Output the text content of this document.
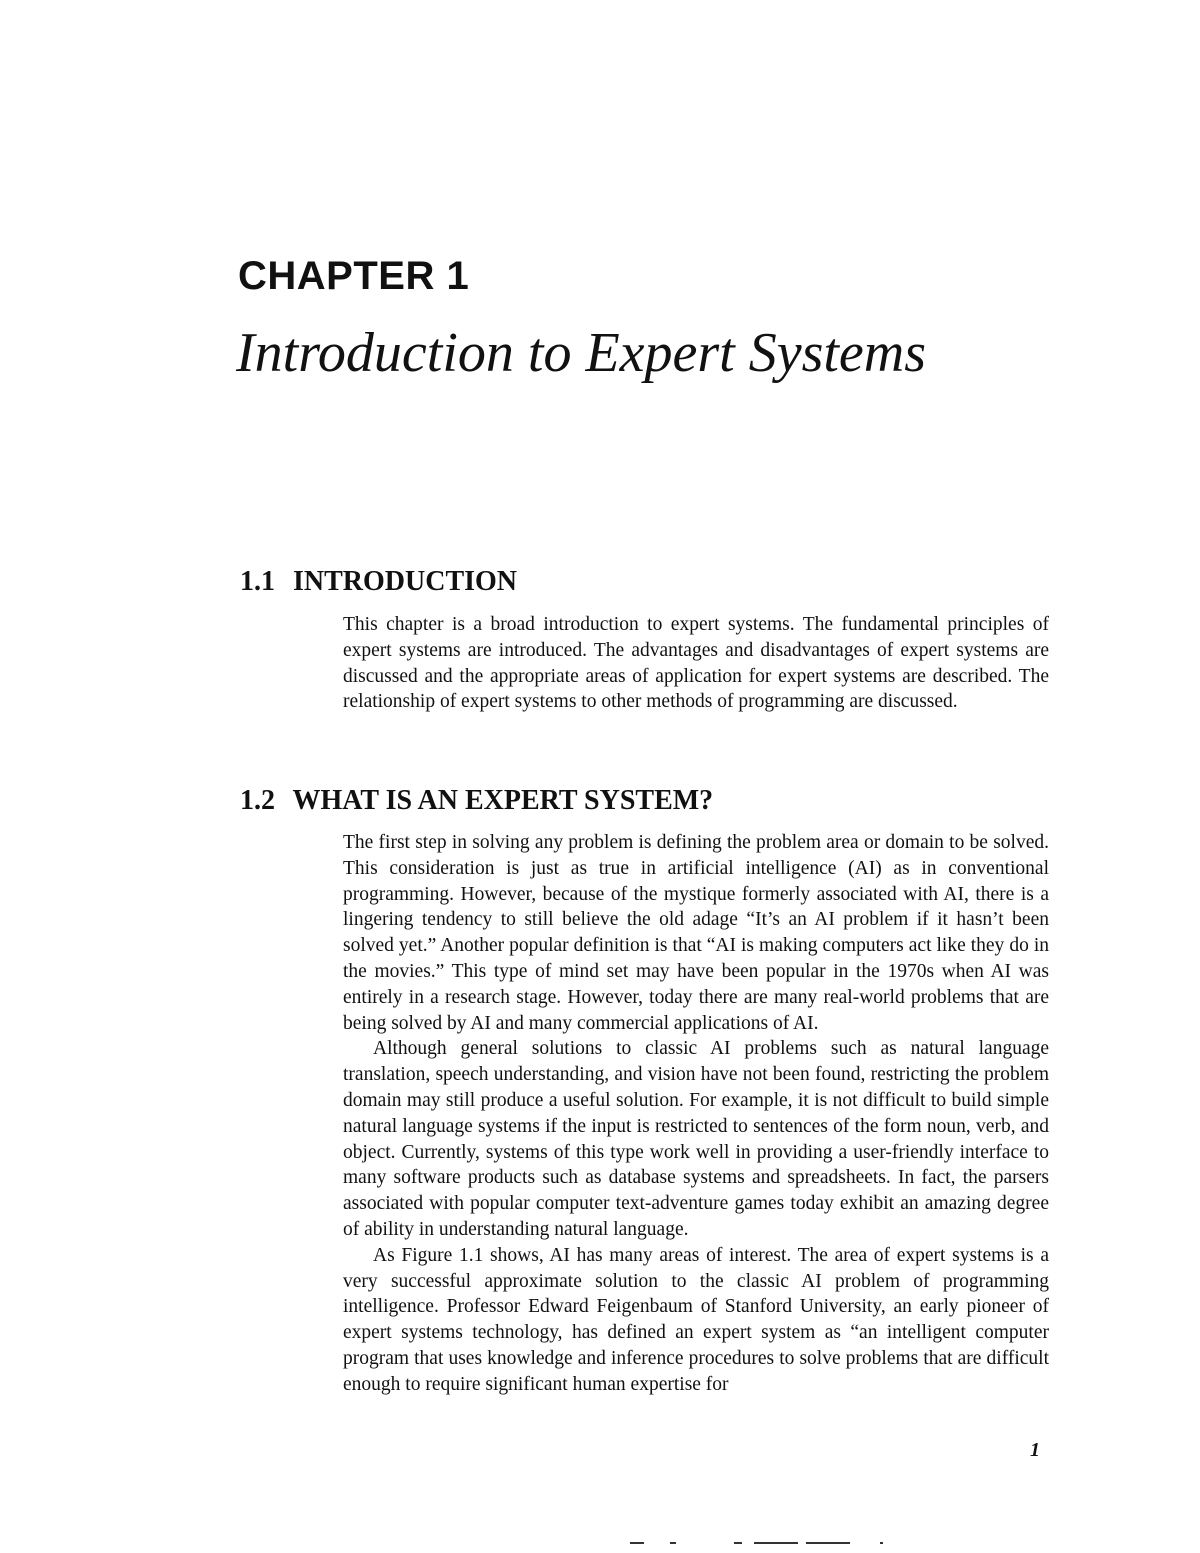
CHAPTER 1
Introduction to Expert Systems
1.1 INTRODUCTION

This chapter is a broad introduction to expert systems. The fundamental principles of expert systems are introduced. The advantages and disadvantages of expert systems are discussed and the appropriate areas of application for expert systems are described. The relationship of expert systems to other methods of programming are discussed.

1.2 WHAT IS AN EXPERT SYSTEM?

The first step in solving any problem is defining the problem area or domain to be solved. This consideration is just as true in artificial intelligence (AI) as in conventional programming. However, because of the mystique formerly associated with AI, there is a lingering tendency to still believe the old adage “It’s an AI problem if it hasn’t been solved yet.” Another popular definition is that “AI is making computers act like they do in the movies.” This type of mind set may have been popular in the 1970s when AI was entirely in a research stage. However, today there are many real-world problems that are being solved by AI and many commercial applications of AI.

Although general solutions to classic AI problems such as natural language translation, speech understanding, and vision have not been found, restricting the problem domain may still produce a useful solution. For example, it is not difficult to build simple natural language systems if the input is restricted to sentences of the form noun, verb, and object. Currently, systems of this type work well in providing a user-friendly interface to many software products such as database systems and spreadsheets. In fact, the parsers associated with popular computer text-adventure games today exhibit an amazing degree of ability in understanding natural language.

As Figure 1.1 shows, AI has many areas of interest. The area of expert systems is a very successful approximate solution to the classic AI problem of programming intelligence. Professor Edward Feigenbaum of Stanford University, an early pioneer of expert systems technology, has defined an expert system as “an intelligent computer program that uses knowledge and inference procedures to solve problems that are difficult enough to require significant human expertise for

1
